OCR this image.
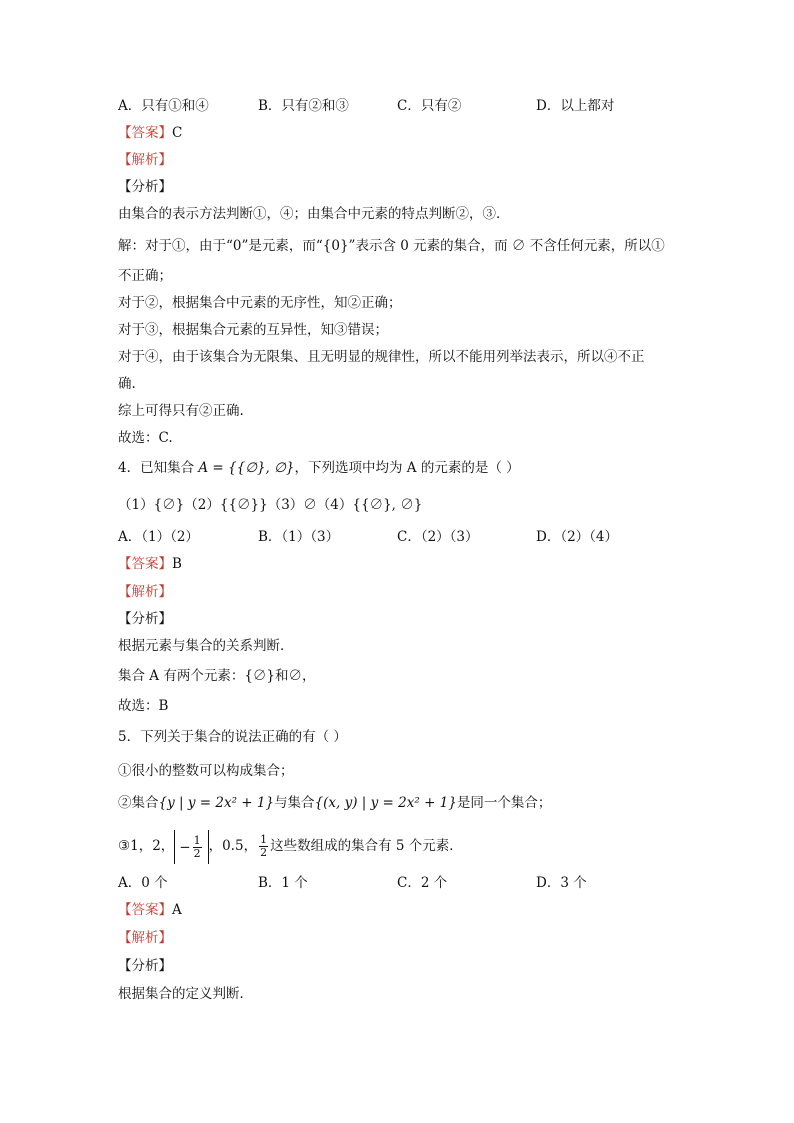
A．只有①和④	B．只有②和③	C．只有②	D．以上都对
【答案】C
【解析】
【分析】
由集合的表示方法判断①，④；由集合中元素的特点判断②，③．
解：对于①，由于“0”是元素，而“{0}”表示含 0 元素的集合，而 ∅ 不含任何元素，所以①
不正确；
对于②，根据集合中元素的无序性，知②正确；
对于③，根据集合元素的互异性，知③错误；
对于④，由于该集合为无限集、且无明显的规律性，所以不能用列举法表示，所以④不正
确.
综上可得只有②正确.
故选：C.
4．已知集合 A = {{∅}, ∅}，下列选项中均为 A 的元素的是（ ）
（1）{∅}（2）{{∅}}（3）∅（4）{{∅}, ∅}
A．（1）（2）	B．（1）（3）	C．（2）（3）	D．（2）（4）
【答案】B
【解析】
【分析】
根据元素与集合的关系判断．
集合 A 有两个元素：{∅}和∅，
故选：B
5．下列关于集合的说法正确的有（ ）
①很小的整数可以构成集合；
②集合{y | y = 2x² + 1}与集合{(x, y) | y = 2x² + 1}是同一个集合；
③1，2， − $\frac{1}{2}$ ，0.5， $\frac{1}{2}$ 这些数组成的集合有 5 个元素．
A．0 个	B．1 个	C．2 个	D．3 个
【答案】A
【解析】
【分析】
根据集合的定义判断．
